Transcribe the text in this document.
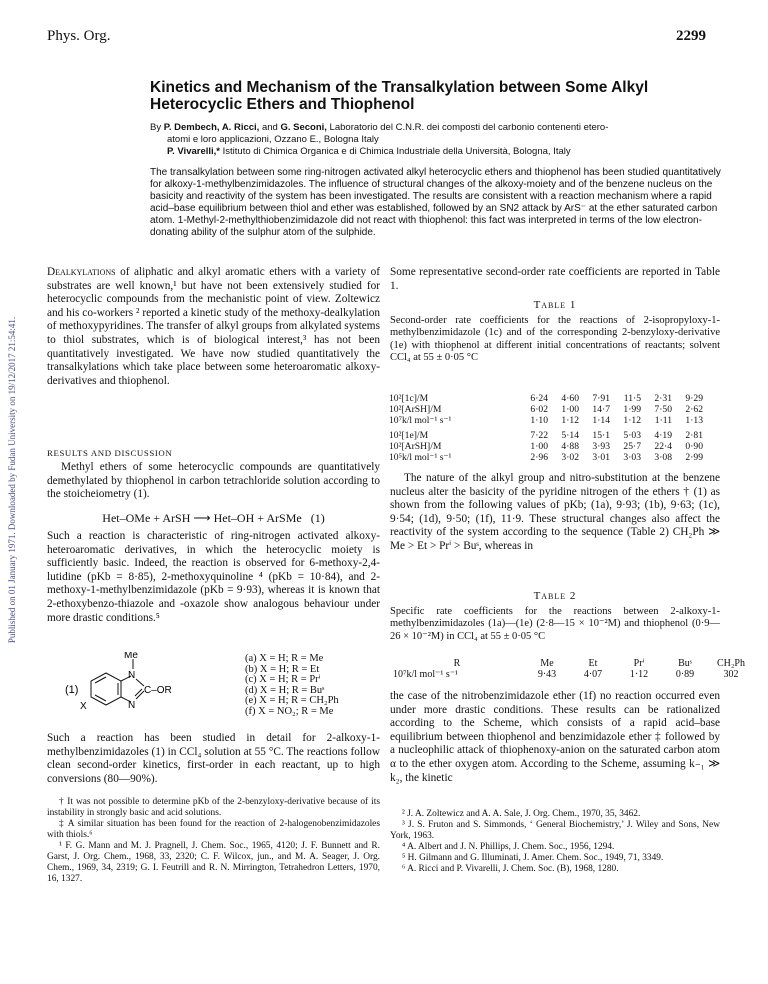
Phys. Org.	2299
Published on 01 January 1971. Downloaded by Fudan University on 19/12/2017 21:54:41.
Kinetics and Mechanism of the Transalkylation between Some Alkyl Heterocyclic Ethers and Thiophenol
By P. Dembech, A. Ricci, and G. Seconi, Laboratorio del C.N.R. dei composti del carbonio contenenti etero-
atomi e loro applicazioni, Ozzano E., Bologna Italy
P. Vivarelli,* Istituto di Chimica Organica e di Chimica Industriale della Università, Bologna, Italy
The transalkylation between some ring-nitrogen activated alkyl heterocyclic ethers and thiophenol has been studied quantitatively for alkoxy-1-methylbenzimidazoles. The influence of structural changes of the alkoxy-moiety and of the benzene nucleus on the basicity and reactivity of the system has been investigated. The results are consistent with a reaction mechanism where a rapid acid–base equilibrium between thiol and ether was established, followed by an SN2 attack by ArS⁻ at the ether saturated carbon atom. 1-Methyl-2-methylthiobenzimidazole did not react with thiophenol: this fact was interpreted in terms of the low electron-donating ability of the sulphur atom of the sulphide.
Dealkylations of aliphatic and alkyl aromatic ethers with a variety of substrates are well known,¹ but have not been extensively studied for heterocyclic compounds from the mechanistic point of view. Zoltewicz and his co-workers ² reported a kinetic study of the methoxy-dealkylation of methoxypyridines. The transfer of alkyl groups from alkylated systems to thiol substrates, which is of biological interest,³ has not been quantitatively investigated. We have now studied quantitatively the transalkylations which take place between some heteroaromatic alkoxy-derivatives and thiophenol.
RESULTS AND DISCUSSION
Methyl ethers of some heterocyclic compounds are quantitatively demethylated by thiophenol in carbon tetrachloride solution according to the stoicheiometry (1).
Het–OMe + ArSH ⟶ Het–OH + ArSMe (1)
Such a reaction is characteristic of ring-nitrogen activated alkoxy-heteroaromatic derivatives, in which the heterocyclic moiety is sufficiently basic. Indeed, the reaction is observed for 6-methoxy-2,4-lutidine (pKb = 8·85), 2-methoxyquinoline ⁴ (pKb = 10·84), and 2-methoxy-1-methylbenzimidazole (pKb = 9·93), whereas it is known that 2-ethoxybenzo-thiazole and -oxazole show analogous behaviour under more drastic conditions.⁵
(1)
Me
N
N
C–OR
X
(a) X = H; R = Me
(b) X = H; R = Et
(c) X = H; R = Prⁱ
(d) X = H; R = Buˢ
(e) X = H; R = CH₂Ph
(f) X = NO₂; R = Me
Such a reaction has been studied in detail for 2-alkoxy-1-methylbenzimidazoles (1) in CCl₄ solution at 55 °C. The reactions follow clean second-order kinetics, first-order in each reactant, up to high conversions (80—90%).
† It was not possible to determine pKb of the 2-benzyloxy-derivative because of its instability in strongly basic and acid solutions.
‡ A similar situation has been found for the reaction of 2-halogenobenzimidazoles with thiols.⁶
¹ F. G. Mann and M. J. Pragnell, J. Chem. Soc., 1965, 4120; J. F. Bunnett and R. Garst, J. Org. Chem., 1968, 33, 2320; C. F. Wilcox, jun., and M. A. Seager, J. Org. Chem., 1969, 34, 2319; G. I. Feutrill and R. N. Mirrington, Tetrahedron Letters, 1970, 16, 1327.
Some representative second-order rate coefficients are reported in Table 1.
Table 1
Second-order rate coefficients for the reactions of 2-isopropyloxy-1-methylbenzimidazole (1c) and of the corresponding 2-benzyloxy-derivative (1e) with thiophenol at different initial concentrations of reactants; solvent CCl₄ at 55 ± 0·05 °C
10²[1c]/M	6·24	4·60	7·91	11·5	2·31	9·29
10²[ArSH]/M	6·02	1·00	14·7	1·99	7·50	2·62
10⁷k/l mol⁻¹ s⁻¹	1·10	1·12	1·14	1·12	1·11	1·13
10²[1e]/M	7·22	5·14	15·1	5·03	4·19	2·81
10²[ArSH]/M	1·00	4·88	3·93	25·7	22·4	0·90
10⁵k/l mol⁻¹ s⁻¹	2·96	3·02	3·01	3·03	3·08	2·99
The nature of the alkyl group and nitro-substitution at the benzene nucleus alter the basicity of the pyridine nitrogen of the ethers † (1) as shown from the following values of pKb; (1a), 9·93; (1b), 9·63; (1c), 9·54; (1d), 9·50; (1f), 11·9. These structural changes also affect the reactivity of the system according to the sequence (Table 2) CH₂Ph ≫ Me > Et > Prⁱ > Buˢ, whereas in
Table 2
Specific rate coefficients for the reactions between 2-alkoxy-1-methylbenzimidazoles (1a)—(1e) (2·8—15 × 10⁻²M) and thiophenol (0·9—26 × 10⁻²M) in CCl₄ at 55 ± 0·05 °C
R	Me	Et	Prⁱ	Buˢ	CH₂Ph
10⁷k/l mol⁻¹ s⁻¹	9·43	4·07	1·12	0·89	302
the case of the nitrobenzimidazole ether (1f) no reaction occurred even under more drastic conditions. These results can be rationalized according to the Scheme, which consists of a rapid acid–base equilibrium between thiophenol and benzimidazole ether ‡ followed by a nucleophilic attack of thiophenoxy-anion on the saturated carbon atom α to the ether oxygen atom. According to the Scheme, assuming k₋₁ ≫ k₂, the kinetic
² J. A. Zoltewicz and A. A. Sale, J. Org. Chem., 1970, 35, 3462.
³ J. S. Fruton and S. Simmonds, ‘ General Biochemistry,’ J. Wiley and Sons, New York, 1963.
⁴ A. Albert and J. N. Phillips, J. Chem. Soc., 1956, 1294.
⁵ H. Gilmann and G. Illuminati, J. Amer. Chem. Soc., 1949, 71, 3349.
⁶ A. Ricci and P. Vivarelli, J. Chem. Soc. (B), 1968, 1280.
